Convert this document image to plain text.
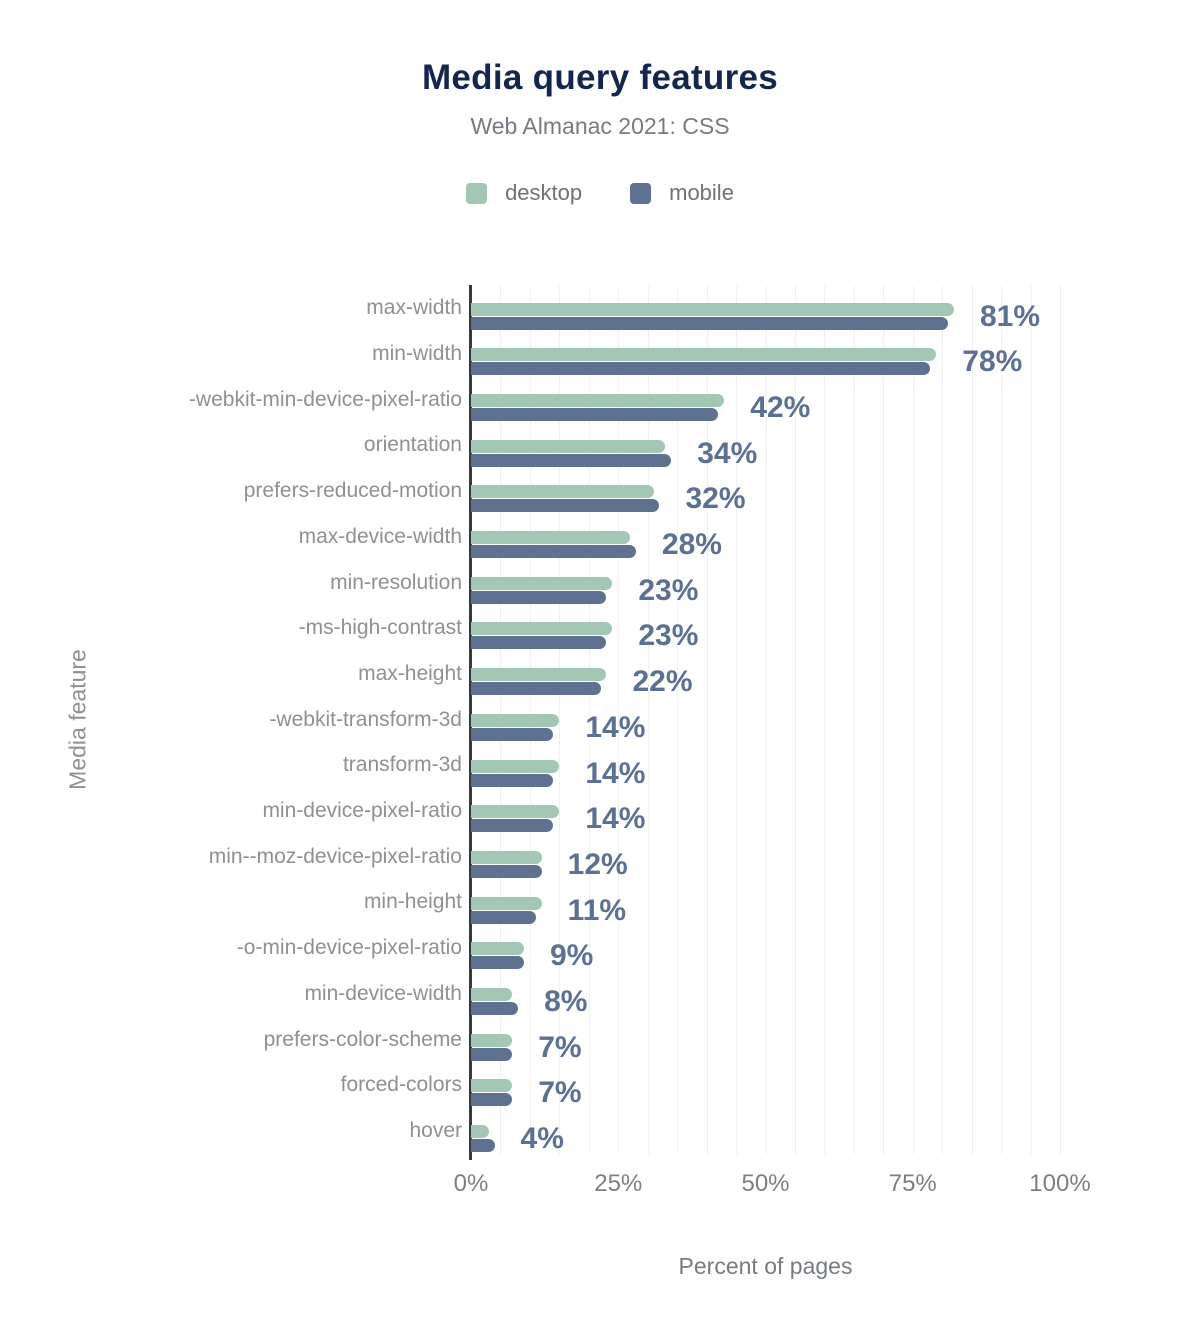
Media query features
Web Almanac 2021: CSS
desktop	mobile
Media feature
Percent of pages
max-width	81%
min-width	78%
-webkit-min-device-pixel-ratio	42%
orientation	34%
prefers-reduced-motion	32%
max-device-width	28%
min-resolution	23%
-ms-high-contrast	23%
max-height	22%
-webkit-transform-3d	14%
transform-3d	14%
min-device-pixel-ratio	14%
min--moz-device-pixel-ratio	12%
min-height	11%
-o-min-device-pixel-ratio	9%
min-device-width	8%
prefers-color-scheme	7%
forced-colors	7%
hover 4%
0%	25%	50%	75%	100%
